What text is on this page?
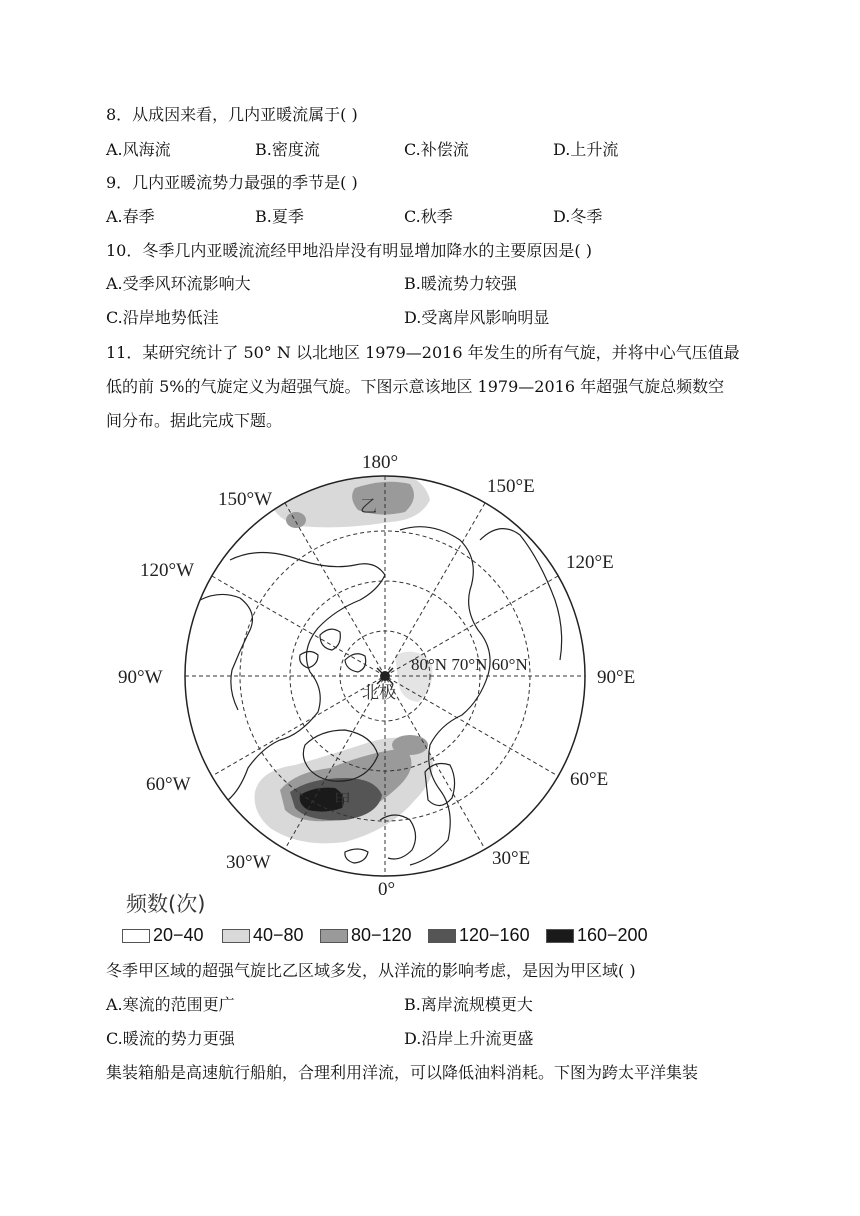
8．从成因来看，几内亚暖流属于( )
A.风海流	B.密度流	C.补偿流	D.上升流
9．几内亚暖流势力最强的季节是( )
A.春季	B.夏季	C.秋季	D.冬季
10．冬季几内亚暖流流经甲地沿岸没有明显增加降水的主要原因是( )
A.受季风环流影响大	B.暖流势力较强
C.沿岸地势低洼	D.受离岸风影响明显
11．某研究统计了 50° N 以北地区 1979—2016 年发生的所有气旋，并将中心气压值最
低的前 5%的气旋定义为超强气旋。下图示意该地区 1979—2016 年超强气旋总频数空
间分布。据此完成下题。
180°
150°W
150°E
120°W	120°E
90°W	90°E
60°W	60°E
30°W	30°E
0°
80°N 70°N 60°N
北极
甲
乙
频数(次)
20−40	40−80	80−120	120−160	160−200
冬季甲区域的超强气旋比乙区域多发，从洋流的影响考虑，是因为甲区域( )
A.寒流的范围更广	B.离岸流规模更大
C.暖流的势力更强	D.沿岸上升流更盛
集装箱船是高速航行船舶，合理利用洋流，可以降低油料消耗。下图为跨太平洋集装
